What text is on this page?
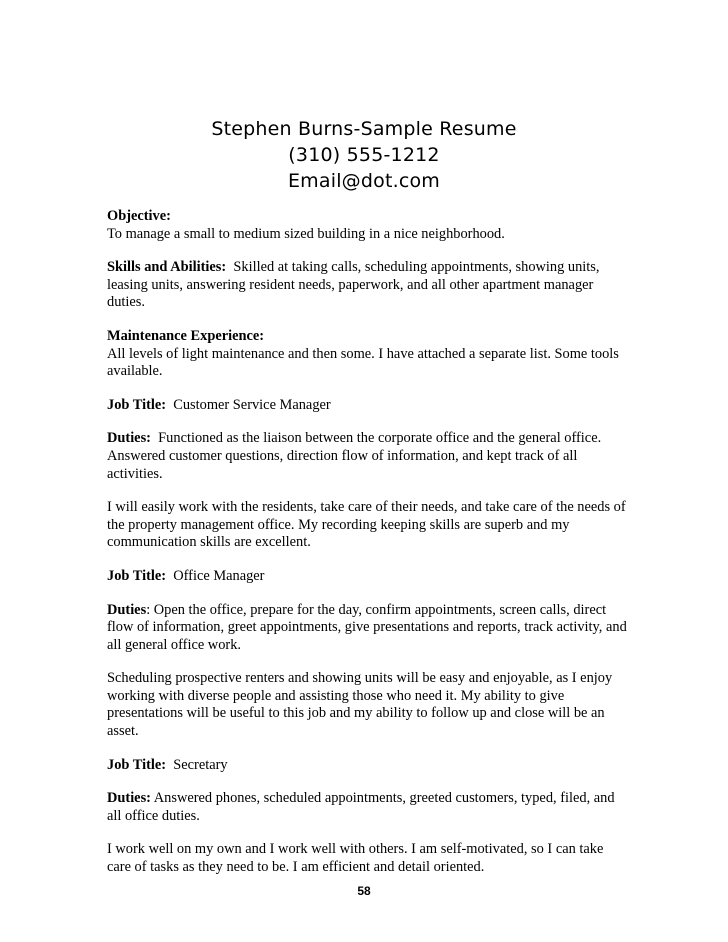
Stephen Burns-Sample Resume
(310) 555-1212
Email@dot.com
Objective:
To manage a small to medium sized building in a nice neighborhood.
Skills and Abilities: Skilled at taking calls, scheduling appointments, showing units, leasing units, answering resident needs, paperwork, and all other apartment manager duties.
Maintenance Experience:
All levels of light maintenance and then some. I have attached a separate list. Some tools available.
Job Title: Customer Service Manager
Duties: Functioned as the liaison between the corporate office and the general office. Answered customer questions, direction flow of information, and kept track of all activities.
I will easily work with the residents, take care of their needs, and take care of the needs of the property management office. My recording keeping skills are superb and my communication skills are excellent.
Job Title: Office Manager
Duties: Open the office, prepare for the day, confirm appointments, screen calls, direct flow of information, greet appointments, give presentations and reports, track activity, and all general office work.
Scheduling prospective renters and showing units will be easy and enjoyable, as I enjoy working with diverse people and assisting those who need it. My ability to give presentations will be useful to this job and my ability to follow up and close will be an asset.
Job Title: Secretary
Duties: Answered phones, scheduled appointments, greeted customers, typed, filed, and all office duties.
I work well on my own and I work well with others. I am self-motivated, so I can take care of tasks as they need to be. I am efficient and detail oriented.
58
